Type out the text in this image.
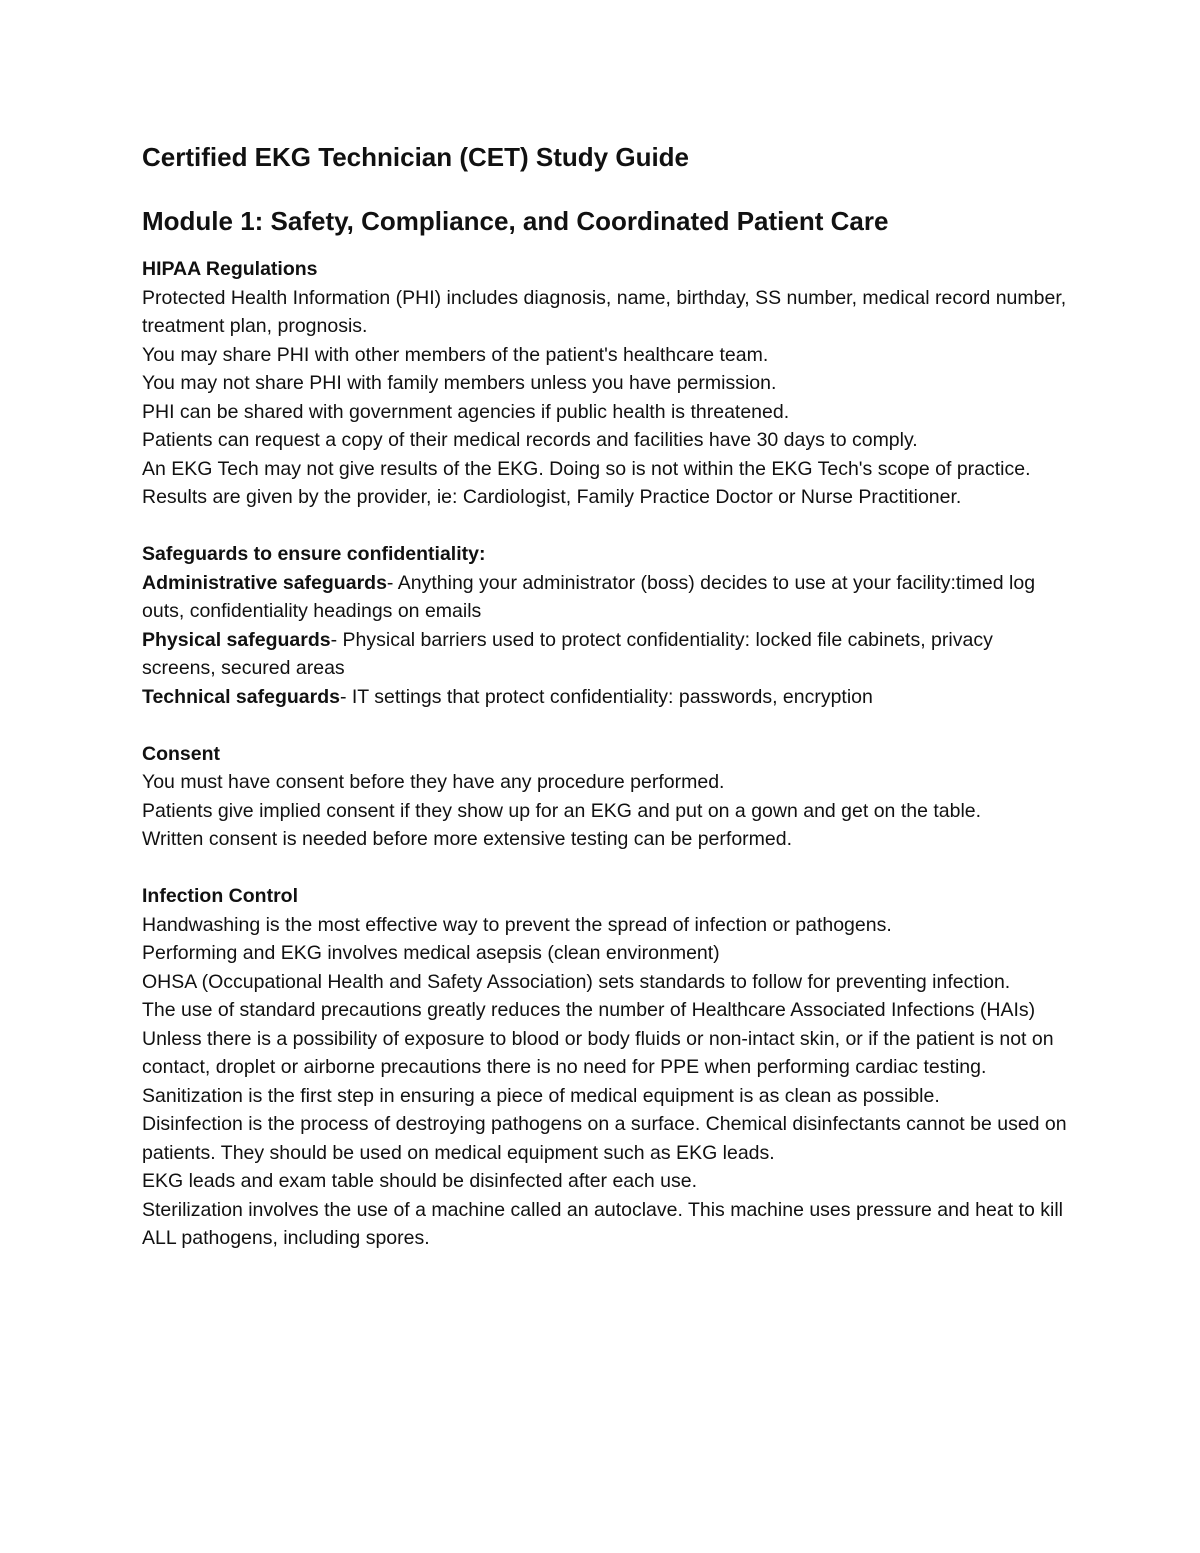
Certified EKG Technician (CET) Study Guide
Module 1: Safety, Compliance, and Coordinated Patient Care

HIPAA Regulations

Protected Health Information (PHI) includes diagnosis, name, birthday, SS number, medical record number, treatment plan, prognosis.

You may share PHI with other members of the patient's healthcare team.

You may not share PHI with family members unless you have permission.

PHI can be shared with government agencies if public health is threatened.

Patients can request a copy of their medical records and facilities have 30 days to comply.

An EKG Tech may not give results of the EKG. Doing so is not within the EKG Tech's scope of practice. Results are given by the provider, ie: Cardiologist, Family Practice Doctor or Nurse Practitioner.

Safeguards to ensure confidentiality:

Administrative safeguards- Anything your administrator (boss) decides to use at your facility:timed log outs, confidentiality headings on emails

Physical safeguards- Physical barriers used to protect confidentiality: locked file cabinets, privacy screens, secured areas

Technical safeguards- IT settings that protect confidentiality: passwords, encryption

Consent

You must have consent before they have any procedure performed.

Patients give implied consent if they show up for an EKG and put on a gown and get on the table.

Written consent is needed before more extensive testing can be performed.

Infection Control

Handwashing is the most effective way to prevent the spread of infection or pathogens.

Performing and EKG involves medical asepsis (clean environment)

OHSA (Occupational Health and Safety Association) sets standards to follow for preventing infection.

The use of standard precautions greatly reduces the number of Healthcare Associated Infections (HAIs)

Unless there is a possibility of exposure to blood or body fluids or non-intact skin, or if the patient is not on contact, droplet or airborne precautions there is no need for PPE when performing cardiac testing.

Sanitization is the first step in ensuring a piece of medical equipment is as clean as possible.

Disinfection is the process of destroying pathogens on a surface. Chemical disinfectants cannot be used on patients. They should be used on medical equipment such as EKG leads.

EKG leads and exam table should be disinfected after each use.

Sterilization involves the use of a machine called an autoclave. This machine uses pressure and heat to kill ALL pathogens, including spores.
